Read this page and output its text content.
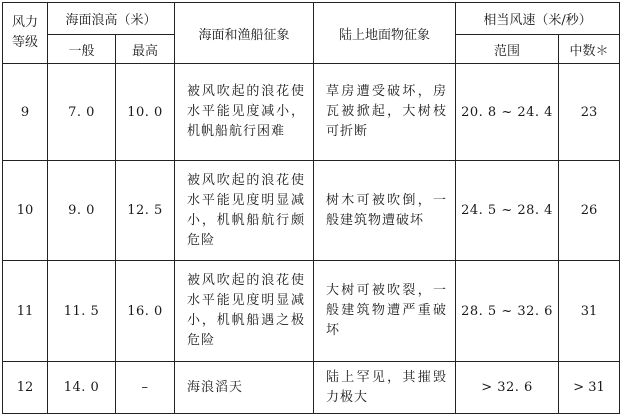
风力
等级	海面浪高（米）		海面和渔船征象	陆上地面物征象	相当风速（米/秒）	
	一般	最高			范围	中数＊
9	7. 0	10. 0	被风吹起的浪花使水平能见度减小，机帆船航行困难	草房遭受破坏，房瓦被掀起，大树枝可折断	20. 8 ~ 24. 4	23
10	9. 0	12. 5	被风吹起的浪花使水平能见度明显减小，机帆船航行颇危险	树木可被吹倒，一般建筑物遭破坏	24. 5 ~ 28. 4	26
11	11. 5	16. 0	被风吹起的浪花使水平能见度明显减小，机帆船遇之极危险	大树可被吹裂，一般建筑物遭严重破坏	28. 5 ~ 32. 6	31
12	14. 0	–	海浪滔天	陆上罕见，其摧毁力极大	> 32. 6	> 31
